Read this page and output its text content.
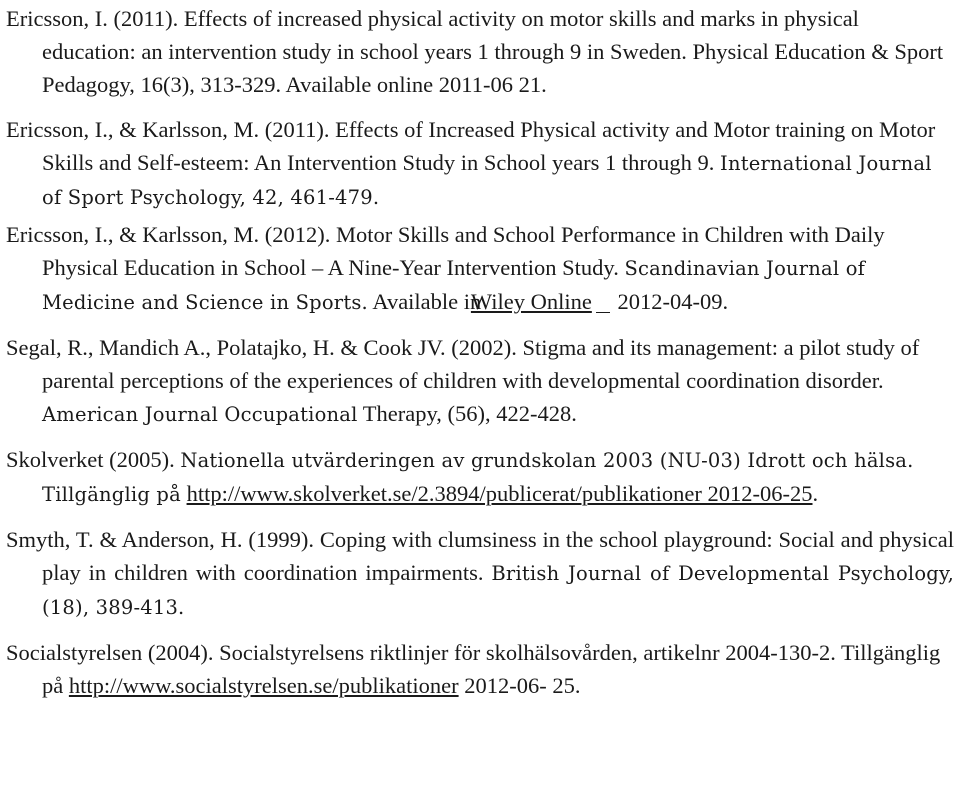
Ericsson, I. (2011). Effects of increased physical activity on motor skills and marks in physical education: an intervention study in school years 1 through 9 in Sweden. Physical Education & Sport Pedagogy, 16(3), 313-329. Available online 2011-06 21.

Ericsson, I., & Karlsson, M. (2011). Effects of Increased Physical activity and Motor training on Motor Skills and Self-esteem: An Intervention Study in School years 1 through 9. International Journal of Sport Psychology, 42, 461-479.

Ericsson, I., & Karlsson, M. (2012). Motor Skills and School Performance in Children with Daily Physical Education in School – A Nine-Year Intervention Study. Scandinavian Journal of Medicine and Science in Sports. Available in Wiley Online 2012-04-09.

Segal, R., Mandich A., Polatajko, H. & Cook JV. (2002). Stigma and its management: a pilot study of parental perceptions of the experiences of children with developmental coordination disorder. American Journal Occupational Therapy, (56), 422-428.

Skolverket (2005). Nationella utvärderingen av grundskolan 2003 (NU-03) Idrott och hälsa. Tillgänglig på http://www.skolverket.se/2.3894/publicerat/publikationer 2012-06-25.

Smyth, T. & Anderson, H. (1999). Coping with clumsiness in the school playground: Social and physical play in children with coordination impairments. British Journal of Developmental Psychology, (18), 389-413.

Socialstyrelsen (2004). Socialstyrelsens riktlinjer för skolhälsovården, artikelnr 2004-130-2. Tillgänglig på http://www.socialstyrelsen.se/publikationer 2012-06- 25.
